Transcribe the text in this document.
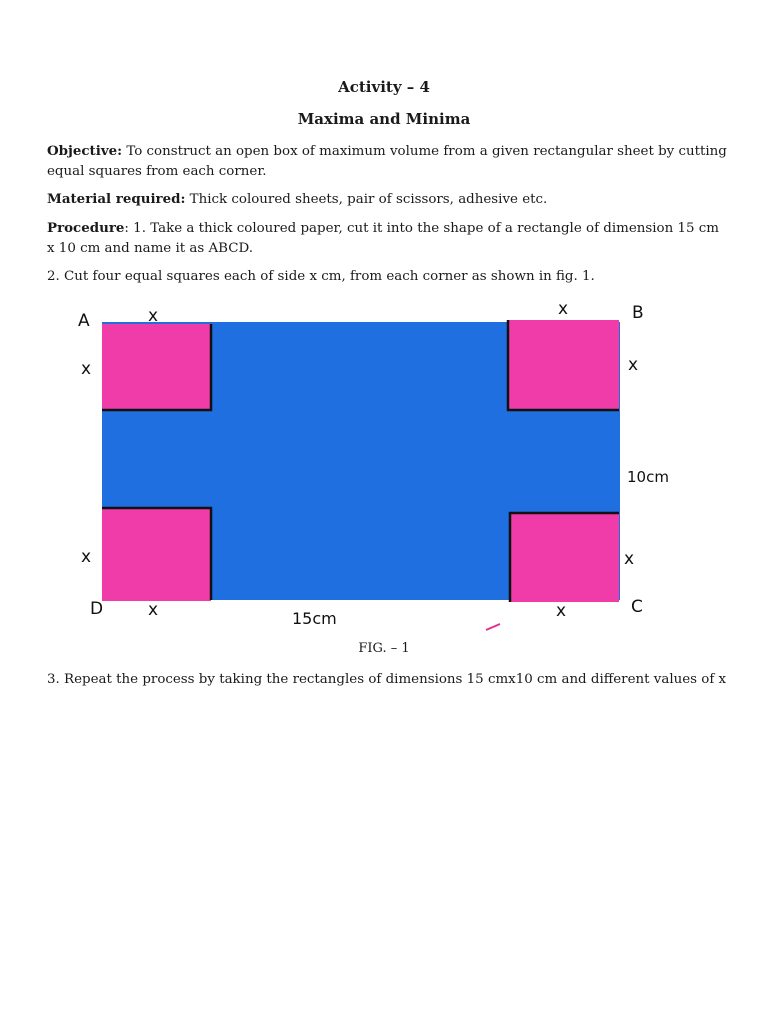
Activity – 4
Maxima and Minima
Objective: To construct an open box of maximum volume from a given rectangular sheet by cutting equal squares from each corner.
Material required: Thick coloured sheets, pair of scissors, adhesive etc.
Procedure: 1. Take a thick coloured paper, cut it into the shape of a rectangle of dimension 15 cm x 10 cm and name it as ABCD.
2. Cut four equal squares each of side x cm, from each corner as shown in fig. 1.
A	x
x
x	B
x
10cm
x	x
D	x	15cm	x	C
FIG. – 1
3. Repeat the process by taking the rectangles of dimensions 15 cmx10 cm and different values of x
